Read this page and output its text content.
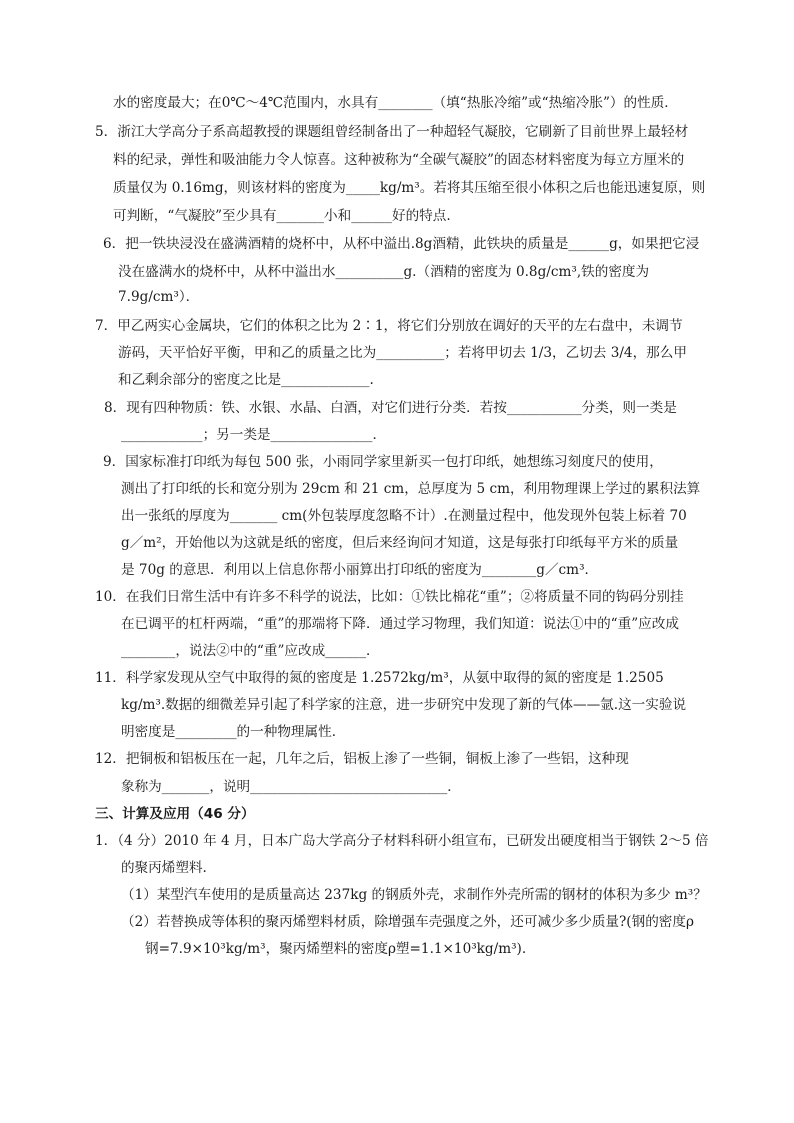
水的密度最大；在0℃～4℃范围内，水具有________（填“热胀冷缩”或“热缩冷胀”）的性质．
5．浙江大学高分子系高超教授的课题组曾经制备出了一种超轻气凝胶，它刷新了目前世界上最轻材
料的纪录，弹性和吸油能力令人惊喜。这种被称为“全碳气凝胶”的固态材料密度为每立方厘米的
质量仅为 0.16mg，则该材料的密度为_____kg/m³。若将其压缩至很小体积之后也能迅速复原，则
可判断，“气凝胶”至少具有_______小和______好的特点.
6．把一铁块浸没在盛满酒精的烧杯中，从杯中溢出.8g酒精，此铁块的质量是______g，如果把它浸
没在盛满水的烧杯中，从杯中溢出水__________g.（酒精的密度为 0.8g/cm³,铁的密度为
7.9g/cm³）．
7．甲乙两实心金属块，它们的体积之比为 2∶1，将它们分别放在调好的天平的左右盘中，未调节
游码，天平恰好平衡，甲和乙的质量之比为__________；若将甲切去 1/3，乙切去 3/4，那么甲
和乙剩余部分的密度之比是_____________.
8．现有四种物质：铁、水银、水晶、白酒，对它们进行分类．若按___________分类，则一类是
____________；另一类是_______________．
9．国家标准打印纸为每包 500 张，小雨同学家里新买一包打印纸，她想练习刻度尺的使用，
测出了打印纸的长和宽分别为 29cm 和 21 cm，总厚度为 5 cm，利用物理课上学过的累积法算
出一张纸的厚度为_______ cm(外包装厚度忽略不计）.在测量过程中，他发现外包装上标着 70
g／m²，开始他以为这就是纸的密度，但后来经询问才知道，这是每张打印纸每平方米的质量
是 70g 的意思．利用以上信息你帮小丽算出打印纸的密度为________g／cm³．
10．在我们日常生活中有许多不科学的说法，比如：①铁比棉花“重”；②将质量不同的钩码分别挂
在已调平的杠杆两端，“重”的那端将下降．通过学习物理，我们知道：说法①中的“重”应改成
________，说法②中的“重”应改成______．
11．科学家发现从空气中取得的氮的密度是 1.2572kg/m³，从氨中取得的氮的密度是 1.2505
kg/m³.数据的细微差异引起了科学家的注意，进一步研究中发现了新的气体——氩.这一实验说
明密度是_________的一种物理属性．
12．把铜板和铝板压在一起，几年之后，铝板上渗了一些铜，铜板上渗了一些铝，这种现
象称为_______，说明_____________________________．
三、计算及应用（46 分）
1．（4 分）2010 年 4 月，日本广岛大学高分子材料科研小组宣布，已研发出硬度相当于钢铁 2～5 倍
的聚丙烯塑料.
（1）某型汽车使用的是质量高达 237kg 的钢质外壳，求制作外壳所需的钢材的体积为多少 m³？
（2）若替换成等体积的聚丙烯塑料材质，除增强车壳强度之外，还可减少多少质量?(钢的密度ρ
钢=7.9×10³kg/m³，聚丙烯塑料的密度ρ塑=1.1×10³kg/m³).
